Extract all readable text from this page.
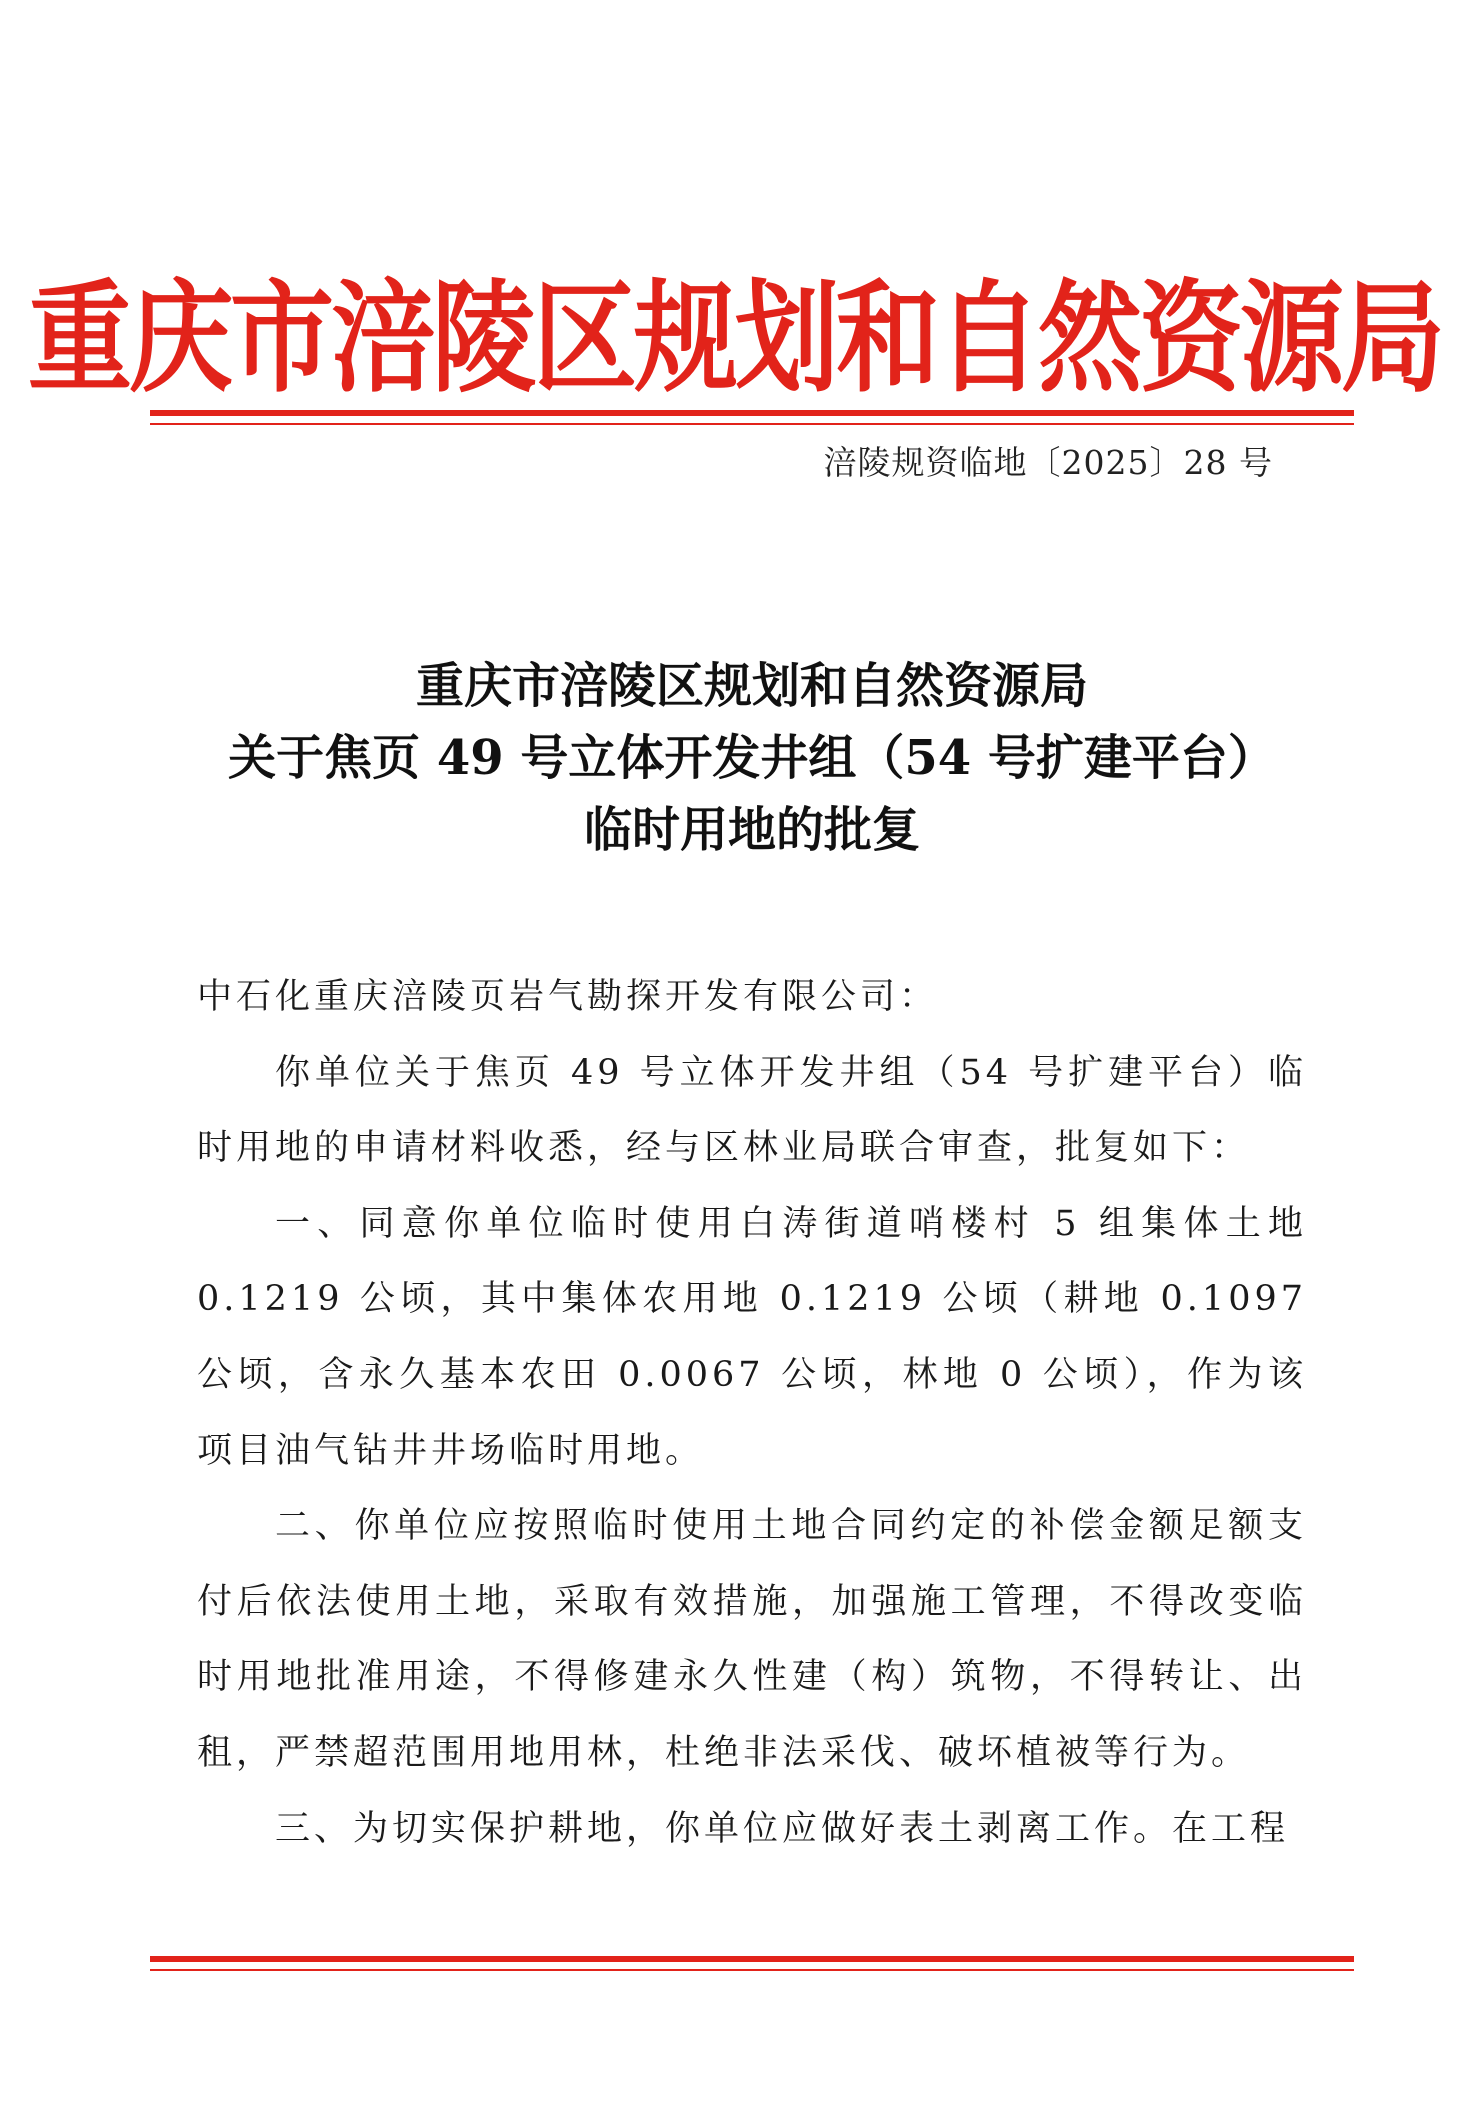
重庆市涪陵区规划和自然资源局
涪陵规资临地〔2025〕28 号
重庆市涪陵区规划和自然资源局
关于焦页 49 号立体开发井组（54 号扩建平台）
临时用地的批复

中石化重庆涪陵页岩气勘探开发有限公司：

你单位关于焦页 49 号立体开发井组（54 号扩建平台）临时用地的申请材料收悉，经与区林业局联合审查，批复如下：

一、同意你单位临时使用白涛街道哨楼村 5 组集体土地 0.1219 公顷，其中集体农用地 0.1219 公顷（耕地 0.1097 公顷，含永久基本农田 0.0067 公顷，林地 0 公顷），作为该项目油气钻井井场临时用地。

二、你单位应按照临时使用土地合同约定的补偿金额足额支付后依法使用土地，采取有效措施，加强施工管理，不得改变临时用地批准用途，不得修建永久性建（构）筑物，不得转让、出租，严禁超范围用地用林，杜绝非法采伐、破坏植被等行为。

三、为切实保护耕地，你单位应做好表土剥离工作。在工程
